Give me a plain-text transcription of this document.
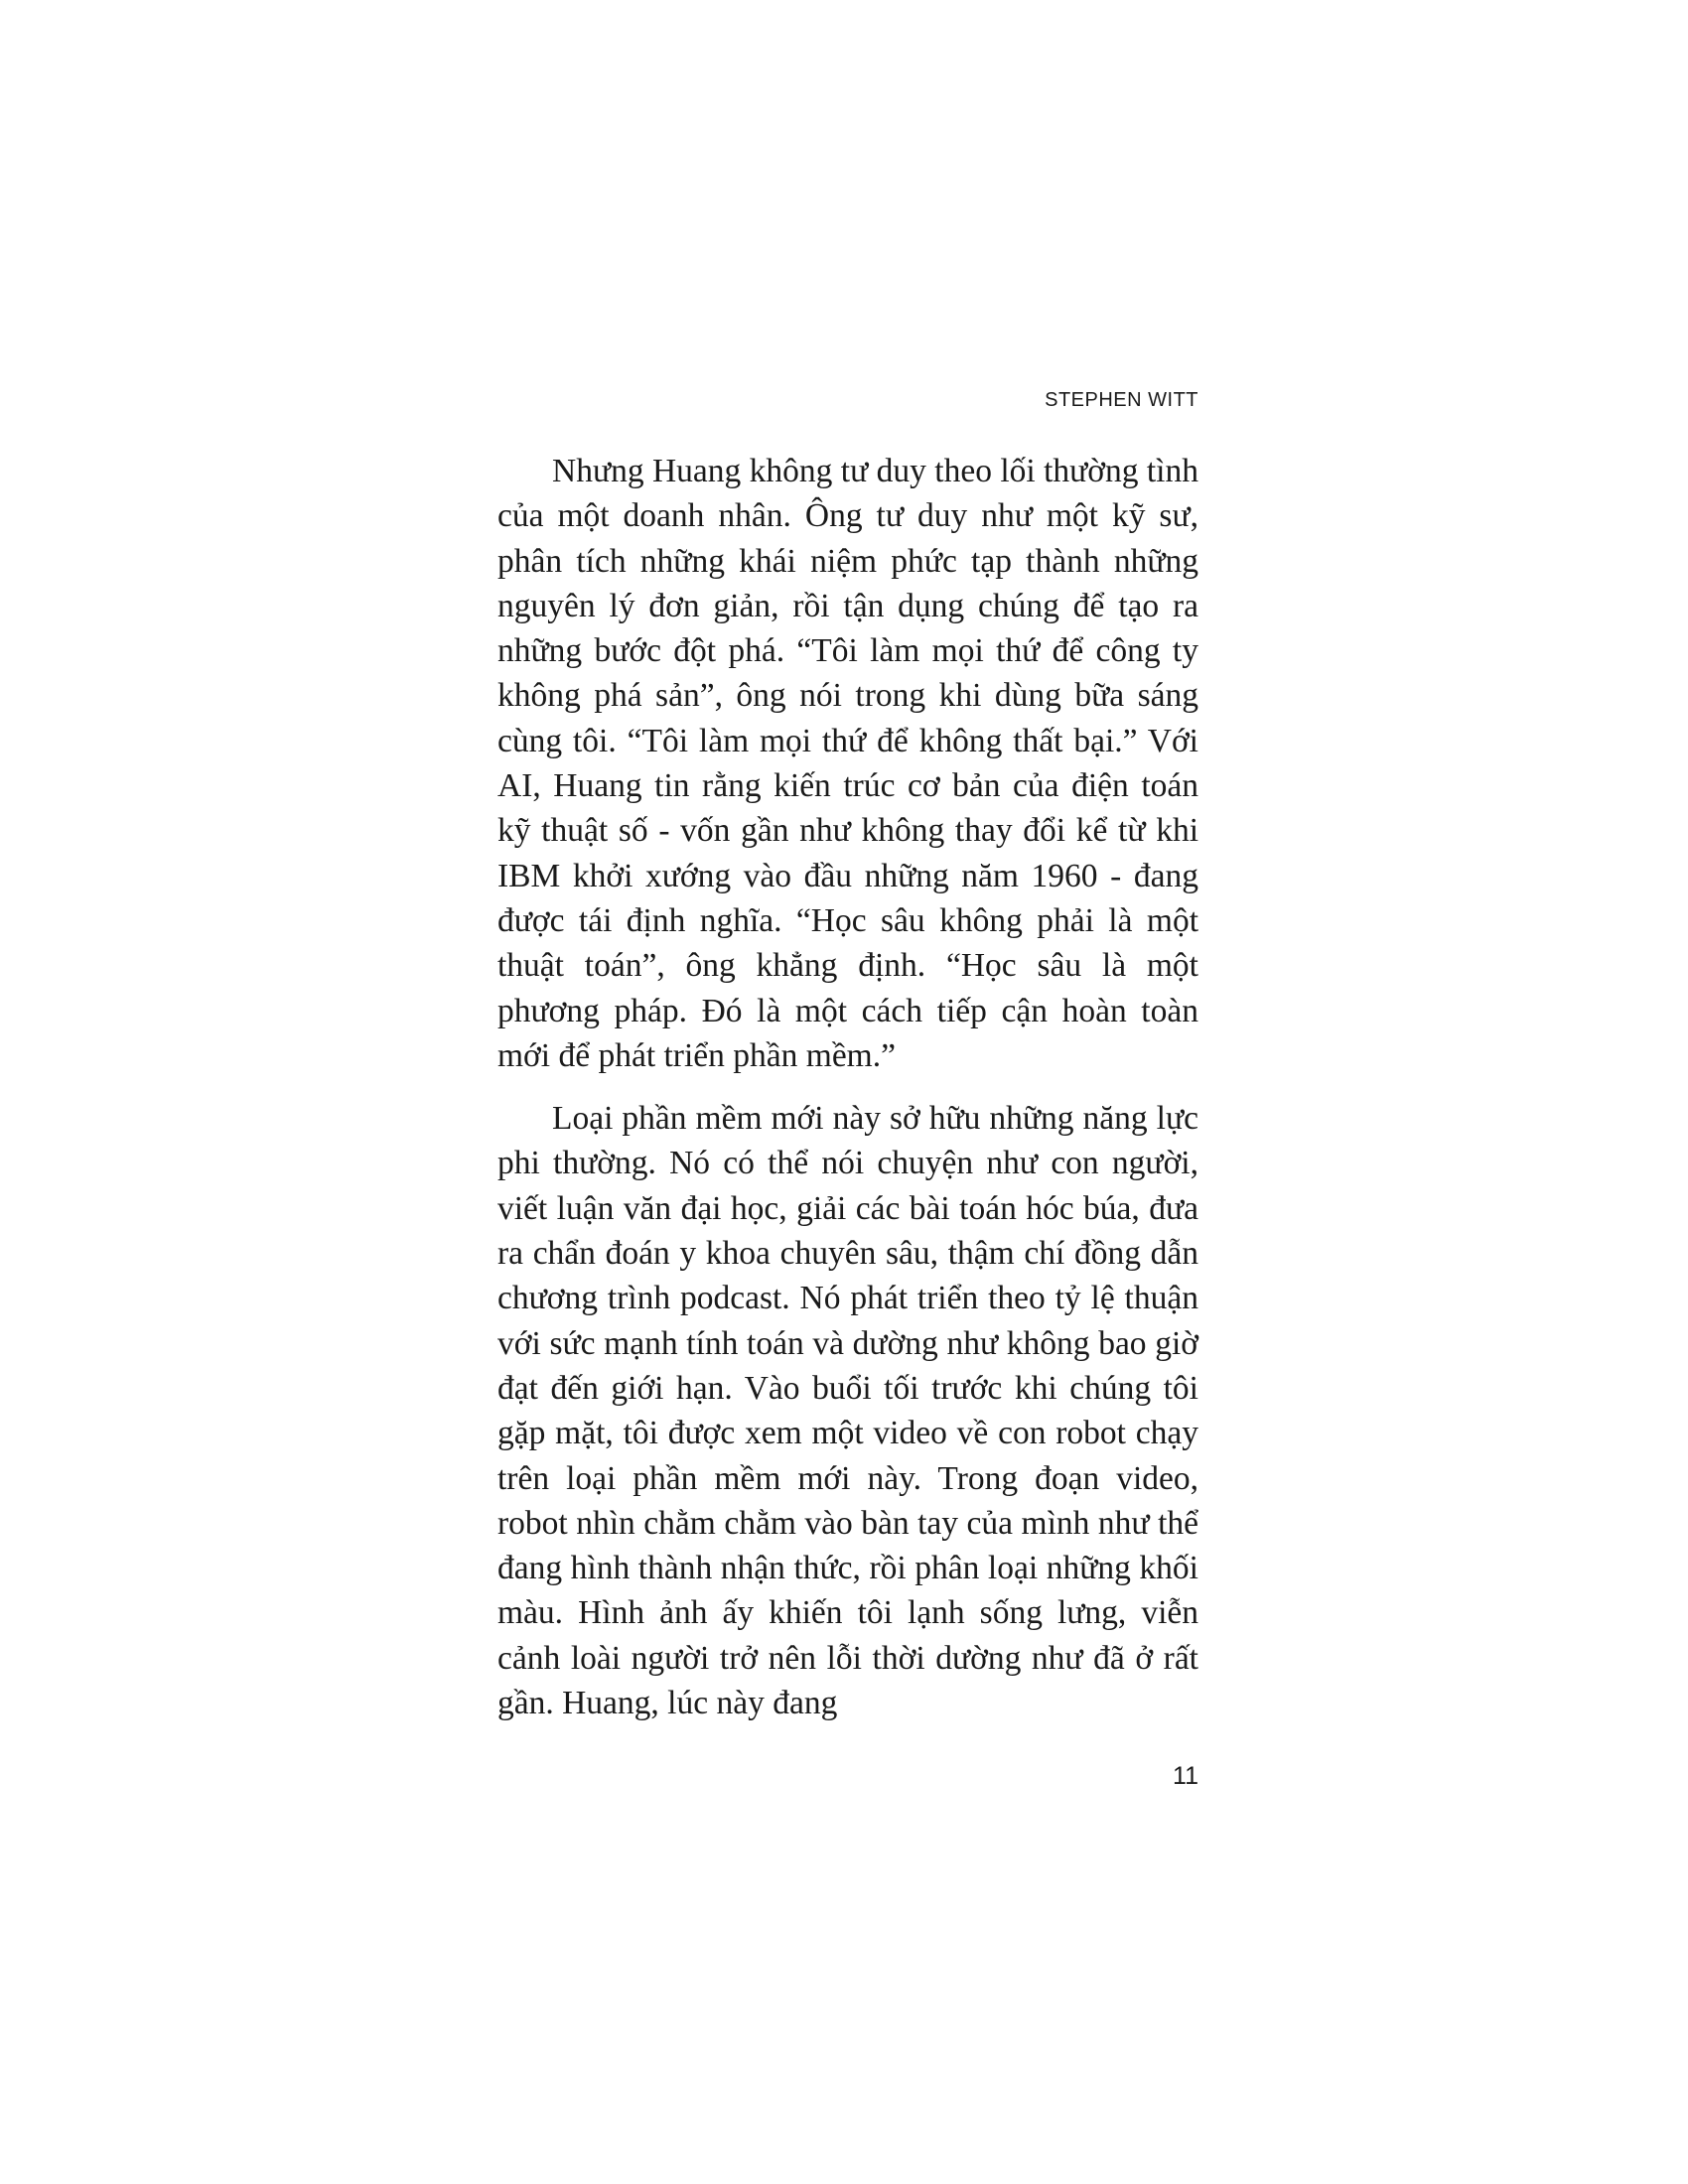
STEPHEN WITT

Nhưng Huang không tư duy theo lối thường tình của một doanh nhân. Ông tư duy như một kỹ sư, phân tích những khái niệm phức tạp thành những nguyên lý đơn giản, rồi tận dụng chúng để tạo ra những bước đột phá. “Tôi làm mọi thứ để công ty không phá sản”, ông nói trong khi dùng bữa sáng cùng tôi. “Tôi làm mọi thứ để không thất bại.” Với AI, Huang tin rằng kiến trúc cơ bản của điện toán kỹ thuật số - vốn gần như không thay đổi kể từ khi IBM khởi xướng vào đầu những năm 1960 - đang được tái định nghĩa. “Học sâu không phải là một thuật toán”, ông khẳng định. “Học sâu là một phương pháp. Đó là một cách tiếp cận hoàn toàn mới để phát triển phần mềm.”

Loại phần mềm mới này sở hữu những năng lực phi thường. Nó có thể nói chuyện như con người, viết luận văn đại học, giải các bài toán hóc búa, đưa ra chẩn đoán y khoa chuyên sâu, thậm chí đồng dẫn chương trình podcast. Nó phát triển theo tỷ lệ thuận với sức mạnh tính toán và dường như không bao giờ đạt đến giới hạn. Vào buổi tối trước khi chúng tôi gặp mặt, tôi được xem một video về con robot chạy trên loại phần mềm mới này. Trong đoạn video, robot nhìn chằm chằm vào bàn tay của mình như thể đang hình thành nhận thức, rồi phân loại những khối màu. Hình ảnh ấy khiến tôi lạnh sống lưng, viễn cảnh loài người trở nên lỗi thời dường như đã ở rất gần. Huang, lúc này đang

11
